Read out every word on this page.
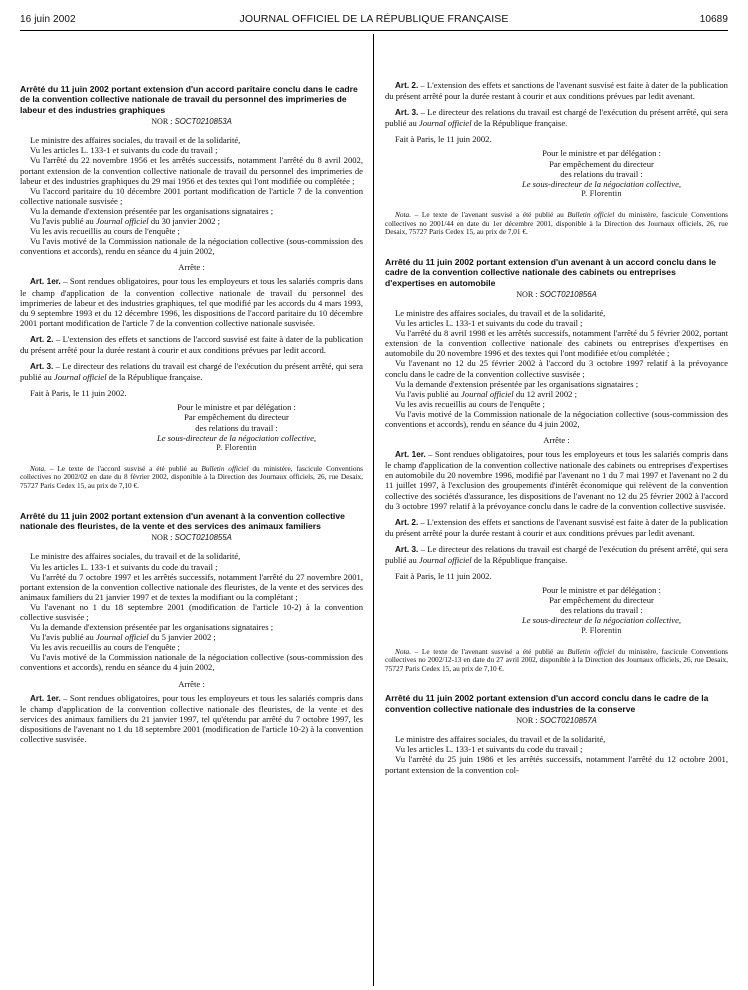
16 juin 2002	JOURNAL OFFICIEL DE LA RÉPUBLIQUE FRANÇAISE	10689
Arrêté du 11 juin 2002 portant extension d'un accord paritaire conclu dans le cadre de la convention collective nationale de travail du personnel des imprimeries de labeur et des industries graphiques
NOR : SOCT0210853A

Le ministre des affaires sociales, du travail et de la solidarité,

Vu les articles L. 133-1 et suivants du code du travail ;

Vu l'arrêté du 22 novembre 1956 et les arrêtés successifs, notamment l'arrêté du 8 avril 2002, portant extension de la convention collective nationale de travail du personnel des imprimeries de labeur et des industries graphiques du 29 mai 1956 et des textes qui l'ont modifiée ou complétée ;

Vu l'accord paritaire du 10 décembre 2001 portant modification de l'article 7 de la convention collective nationale susvisée ;

Vu la demande d'extension présentée par les organisations signataires ;

Vu l'avis publié au Journal officiel du 30 janvier 2002 ;

Vu les avis recueillis au cours de l'enquête ;

Vu l'avis motivé de la Commission nationale de la négociation collective (sous-commission des conventions et accords), rendu en séance du 4 juin 2002,

Arrête :

Art. 1er. – Sont rendues obligatoires, pour tous les employeurs et tous les salariés compris dans le champ d'application de la convention collective nationale de travail du personnel des imprimeries de labeur et des industries graphiques, tel que modifié par les accords du 4 mars 1993, du 9 septembre 1993 et du 12 décembre 1996, les dispositions de l'accord paritaire du 10 décembre 2001 portant modification de l'article 7 de la convention collective nationale susvisée.

Art. 2. – L'extension des effets et sanctions de l'accord susvisé est faite à dater de la publication du présent arrêté pour la durée restant à courir et aux conditions prévues par ledit accord.

Art. 3. – Le directeur des relations du travail est chargé de l'exécution du présent arrêté, qui sera publié au Journal officiel de la République française.

Fait à Paris, le 11 juin 2002.

Pour le ministre et par délégation :
Par empêchement du directeur
des relations du travail :
Le sous-directeur de la négociation collective,
P. Florentin

Nota. – Le texte de l'accord susvisé a été publié au Bulletin officiel du ministère, fascicule Conventions collectives no 2002/02 en date du 8 février 2002, disponible à la Direction des Journaux officiels, 26, rue Desaix, 75727 Paris Cedex 15, au prix de 7,10 €.

Arrêté du 11 juin 2002 portant extension d'un avenant à la convention collective nationale des fleuristes, de la vente et des services des animaux familiers
NOR : SOCT0210855A

Le ministre des affaires sociales, du travail et de la solidarité,

Vu les articles L. 133-1 et suivants du code du travail ;

Vu l'arrêté du 7 octobre 1997 et les arrêtés successifs, notamment l'arrêté du 27 novembre 2001, portant extension de la convention collective nationale des fleuristes, de la vente et des services des animaux familiers du 21 janvier 1997 et de textes la modifiant ou la complétant ;

Vu l'avenant no 1 du 18 septembre 2001 (modification de l'article 10-2) à la convention collective susvisée ;

Vu la demande d'extension présentée par les organisations signataires ;

Vu l'avis publié au Journal officiel du 5 janvier 2002 ;

Vu les avis recueillis au cours de l'enquête ;

Vu l'avis motivé de la Commission nationale de la négociation collective (sous-commission des conventions et accords), rendu en séance du 4 juin 2002,

Arrête :

Art. 1er. – Sont rendues obligatoires, pour tous les employeurs et tous les salariés compris dans le champ d'application de la convention collective nationale des fleuristes, de la vente et des services des animaux familiers du 21 janvier 1997, tel qu'étendu par arrêté du 7 octobre 1997, les dispositions de l'avenant no 1 du 18 septembre 2001 (modification de l'article 10-2) à la convention collective susvisée.

Art. 2. – L'extension des effets et sanctions de l'avenant susvisé est faite à dater de la publication du présent arrêté pour la durée restant à courir et aux conditions prévues par ledit avenant.

Art. 3. – Le directeur des relations du travail est chargé de l'exécution du présent arrêté, qui sera publié au Journal officiel de la République française.

Fait à Paris, le 11 juin 2002.

Pour le ministre et par délégation :
Par empêchement du directeur
des relations du travail :
Le sous-directeur de la négociation collective,
P. Florentin

Nota. – Le texte de l'avenant susvisé a été publié au Bulletin officiel du ministère, fascicule Conventions collectives no 2001/44 en date du 1er décembre 2001, disponible à la Direction des Journaux officiels, 26, rue Desaix, 75727 Paris Cedex 15, au prix de 7,01 €.

Arrêté du 11 juin 2002 portant extension d'un avenant à un accord conclu dans le cadre de la convention collective nationale des cabinets ou entreprises d'expertises en automobile
NOR : SOCT0210856A

Le ministre des affaires sociales, du travail et de la solidarité,

Vu les articles L. 133-1 et suivants du code du travail ;

Vu l'arrêté du 8 avril 1998 et les arrêtés successifs, notamment l'arrêté du 5 février 2002, portant extension de la convention collective nationale des cabinets ou entreprises d'expertises en automobile du 20 novembre 1996 et des textes qui l'ont modifiée et/ou complétée ;

Vu l'avenant no 12 du 25 février 2002 à l'accord du 3 octobre 1997 relatif à la prévoyance conclu dans le cadre de la convention collective susvisée ;

Vu la demande d'extension présentée par les organisations signataires ;

Vu l'avis publié au Journal officiel du 12 avril 2002 ;

Vu les avis recueillis au cours de l'enquête ;

Vu l'avis motivé de la Commission nationale de la négociation collective (sous-commission des conventions et accords), rendu en séance du 4 juin 2002,

Arrête :

Art. 1er. – Sont rendues obligatoires, pour tous les employeurs et tous les salariés compris dans le champ d'application de la convention collective nationale des cabinets ou entreprises d'expertises en automobile du 20 novembre 1996, modifié par l'avenant no 1 du 7 mai 1997 et l'avenant no 2 du 11 juillet 1997, à l'exclusion des groupements d'intérêt économique qui relèvent de la convention collective des sociétés d'assurance, les dispositions de l'avenant no 12 du 25 février 2002 à l'accord du 3 octobre 1997 relatif à la prévoyance conclu dans le cadre de la convention collective susvisée.

Art. 2. – L'extension des effets et sanctions de l'avenant susvisé est faite à dater de la publication du présent arrêté pour la durée restant à courir et aux conditions prévues par ledit avenant.

Art. 3. – Le directeur des relations du travail est chargé de l'exécution du présent arrêté, qui sera publié au Journal officiel de la République française.

Fait à Paris, le 11 juin 2002.

Pour le ministre et par délégation :
Par empêchement du directeur
des relations du travail :
Le sous-directeur de la négociation collective,
P. Florentin

Nota. – Le texte de l'avenant susvisé a été publié au Bulletin officiel du ministère, fascicule Conventions collectives no 2002/12-13 en date du 27 avril 2002, disponible à la Direction des Journaux officiels, 26, rue Desaix, 75727 Paris Cedex 15, au prix de 7,10 €.

Arrêté du 11 juin 2002 portant extension d'un accord conclu dans le cadre de la convention collective nationale des industries de la conserve
NOR : SOCT0210857A

Le ministre des affaires sociales, du travail et de la solidarité,

Vu les articles L. 133-1 et suivants du code du travail ;

Vu l'arrêté du 25 juin 1986 et les arrêtés successifs, notamment l'arrêté du 12 octobre 2001, portant extension de la convention col-
